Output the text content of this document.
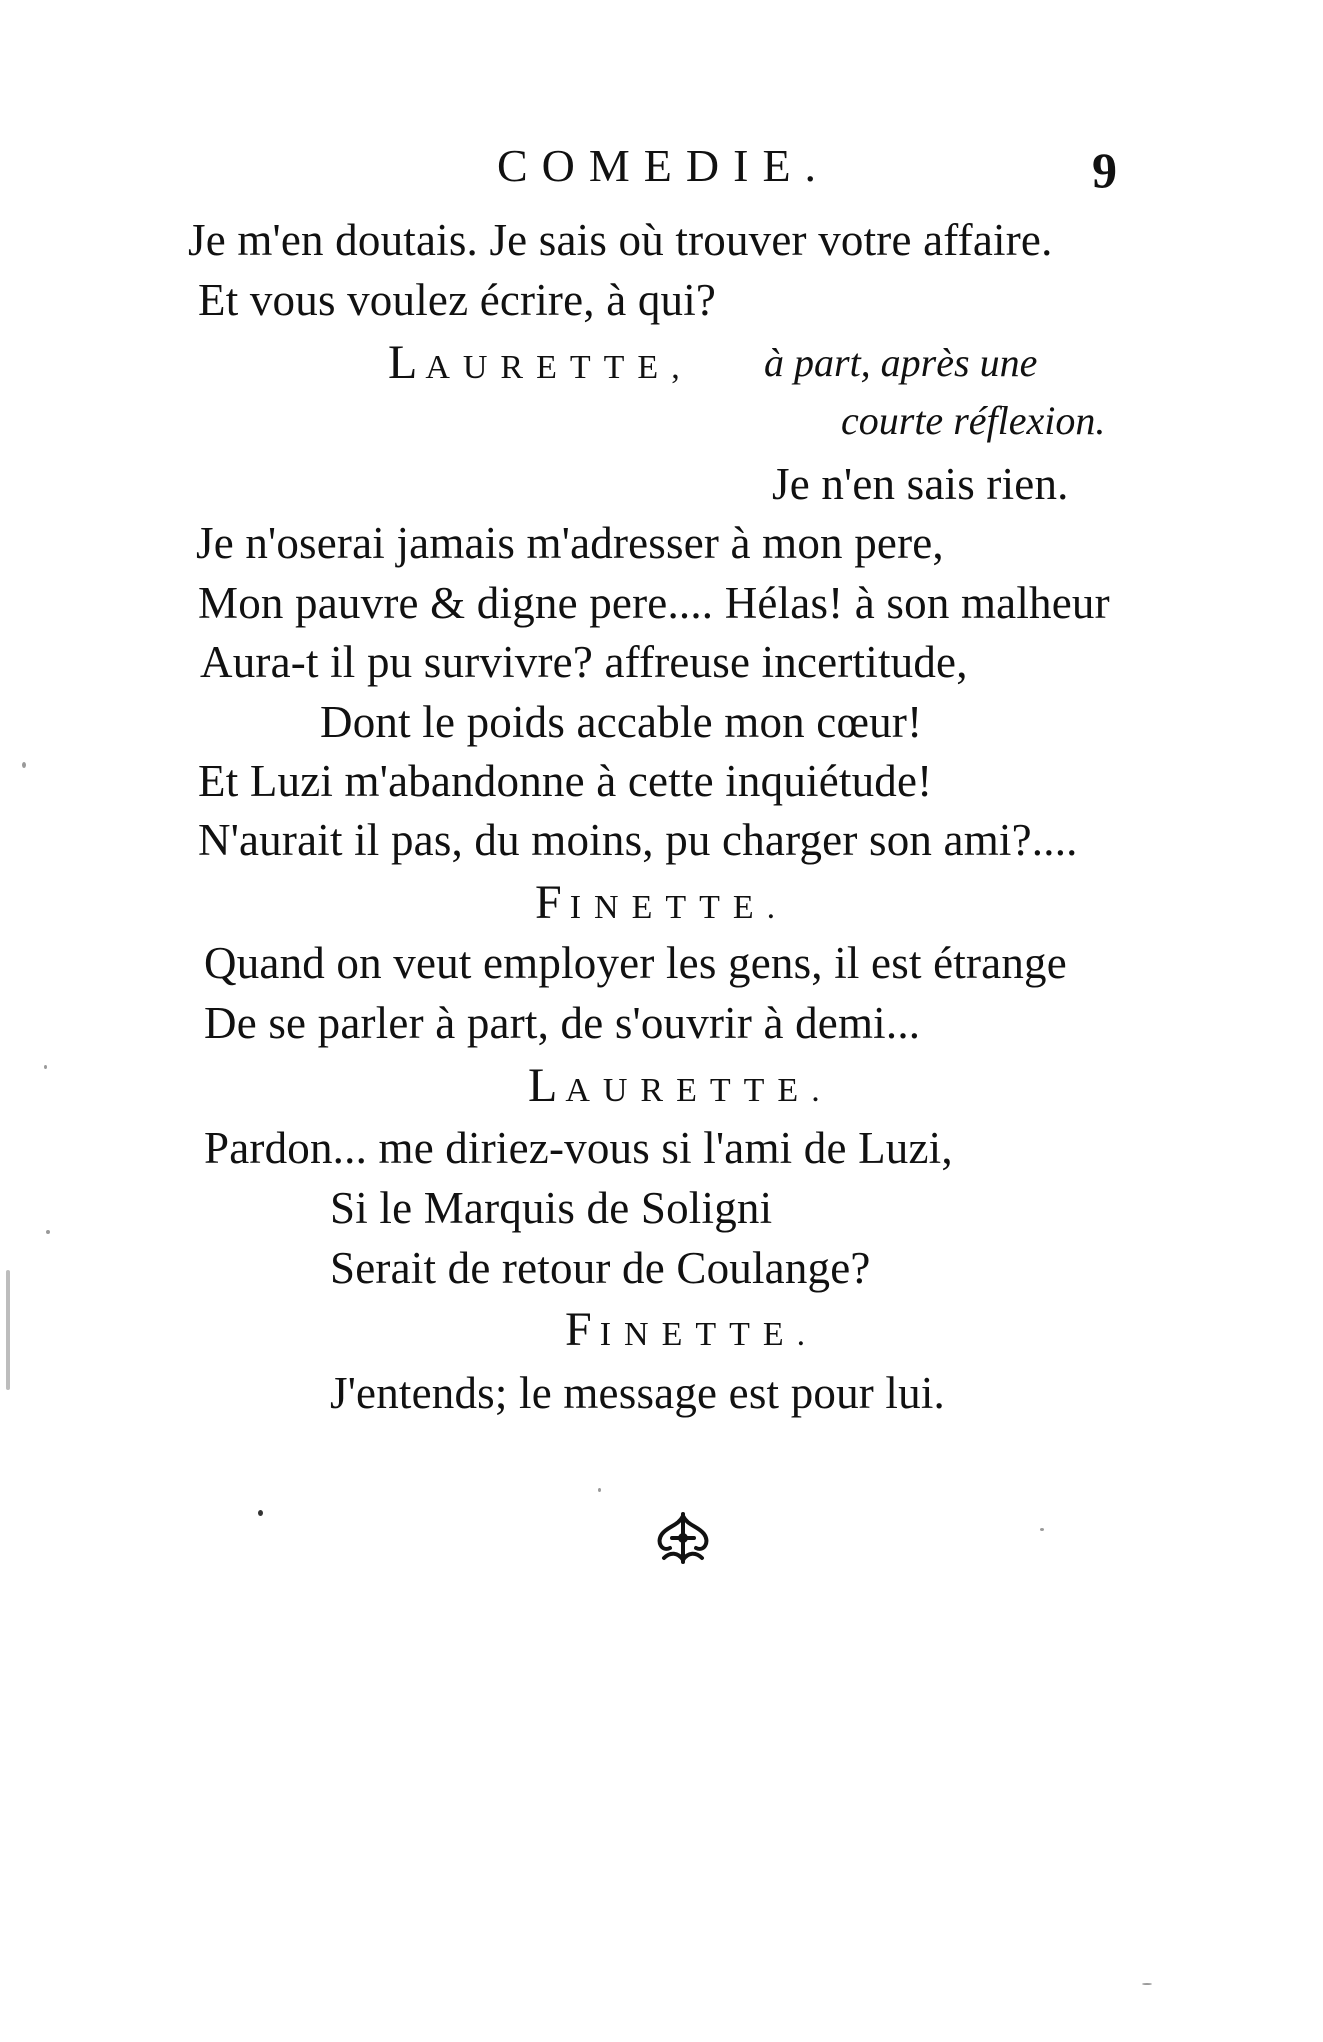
COMEDIE.	9
Je m'en doutais. Je sais où trouver votre affaire.
Et vous voulez écrire, à qui?
LAURETTE, à part, après une
courte réflexion.
Je n'en sais rien.
Je n'oserai jamais m'adresser à mon pere,
Mon pauvre & digne pere.... Hélas! à son malheur
Aura-t il pu survivre? affreuse incertitude,
Dont le poids accable mon cœur!
Et Luzi m'abandonne à cette inquiétude!
N'aurait il pas, du moins, pu charger son ami?....
FINETTE.
Quand on veut employer les gens, il est étrange
De se parler à part, de s'ouvrir à demi...
LAURETTE.
Pardon... me diriez-vous si l'ami de Luzi,
Si le Marquis de Soligni
Serait de retour de Coulange?
FINETTE.
J'entends; le message est pour lui.
